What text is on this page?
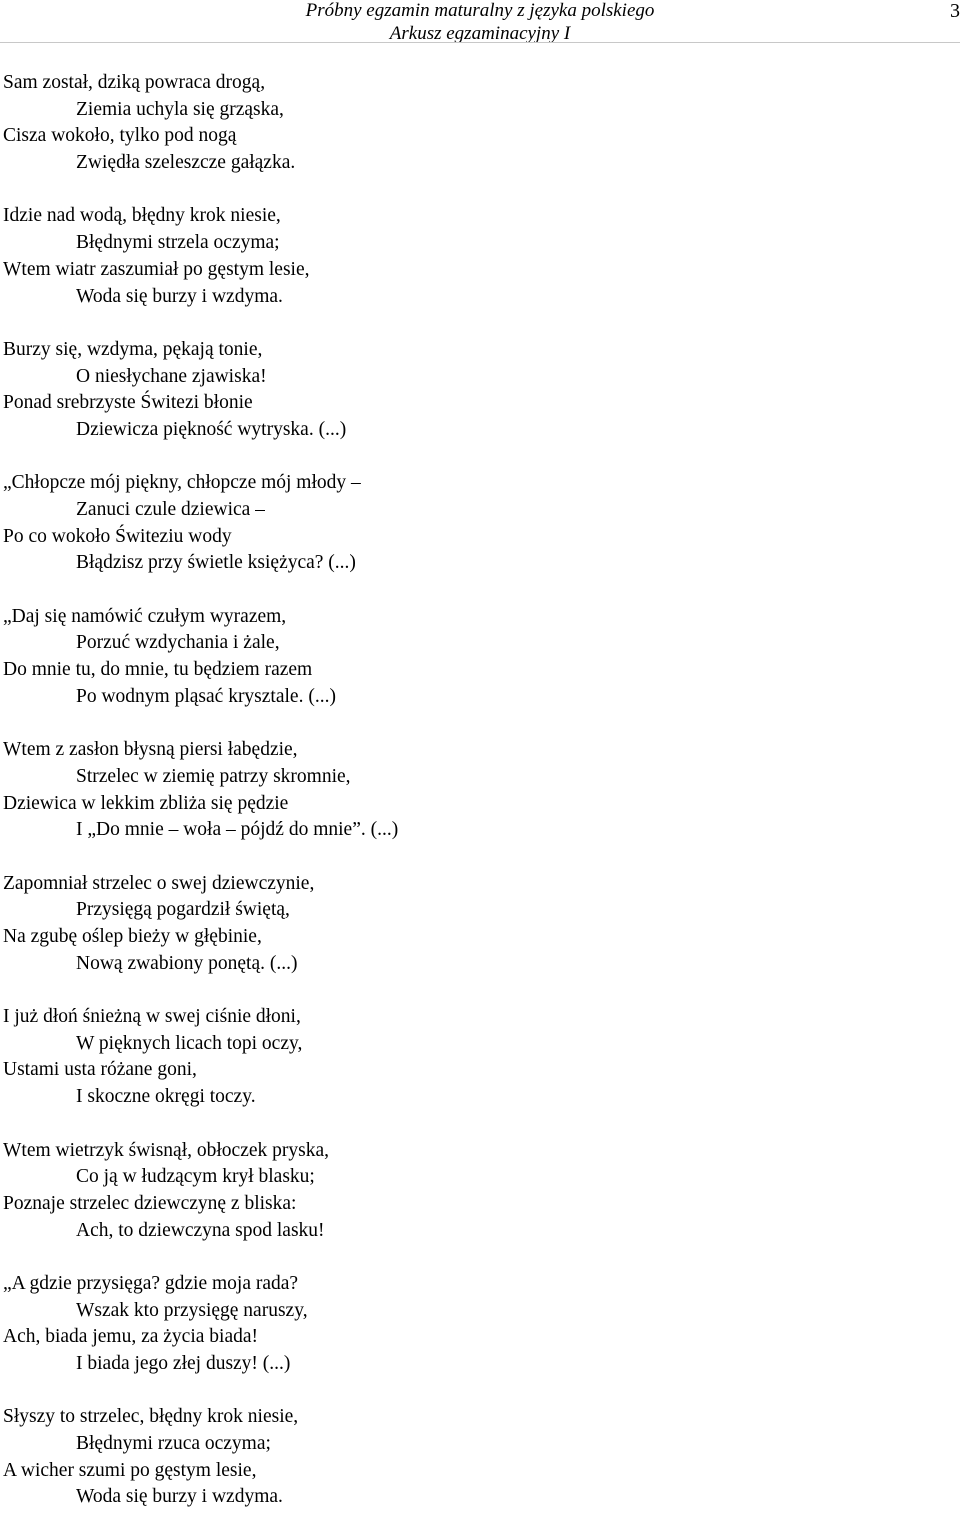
Próbny egzamin maturalny z języka polskiego
Arkusz egzaminacyjny I
3
Sam został, dziką powraca drogą,
Ziemia uchyla się grząska,
Cisza wokoło, tylko pod nogą
Zwiędła szeleszcze gałązka.
Idzie nad wodą, błędny krok niesie,
Błędnymi strzela oczyma;
Wtem wiatr zaszumiał po gęstym lesie,
Woda się burzy i wzdyma.
Burzy się, wzdyma, pękają tonie,
O niesłychane zjawiska!
Ponad srebrzyste Świtezi błonie
Dziewicza piękność wytryska. (...)
„Chłopcze mój piękny, chłopcze mój młody –
Zanuci czule dziewica –
Po co wokoło Świteziu wody
Błądzisz przy świetle księżyca? (...)
„Daj się namówić czułym wyrazem,
Porzuć wzdychania i żale,
Do mnie tu, do mnie, tu będziem razem
Po wodnym pląsać krysztale. (...)
Wtem z zasłon błysną piersi łabędzie,
Strzelec w ziemię patrzy skromnie,
Dziewica w lekkim zbliża się pędzie
I „Do mnie – woła – pójdź do mnie”. (...)
Zapomniał strzelec o swej dziewczynie,
Przysięgą pogardził świętą,
Na zgubę oślep bieży w głębinie,
Nową zwabiony ponętą. (...)
I już dłoń śnieżną w swej ciśnie dłoni,
W pięknych licach topi oczy,
Ustami usta różane goni,
I skoczne okręgi toczy.
Wtem wietrzyk świsnął, obłoczek pryska,
Co ją w łudzącym krył blasku;
Poznaje strzelec dziewczynę z bliska:
Ach, to dziewczyna spod lasku!
„A gdzie przysięga? gdzie moja rada?
Wszak kto przysięgę naruszy,
Ach, biada jemu, za życia biada!
I biada jego złej duszy! (...)
Słyszy to strzelec, błędny krok niesie,
Błędnymi rzuca oczyma;
A wicher szumi po gęstym lesie,
Woda się burzy i wzdyma.
